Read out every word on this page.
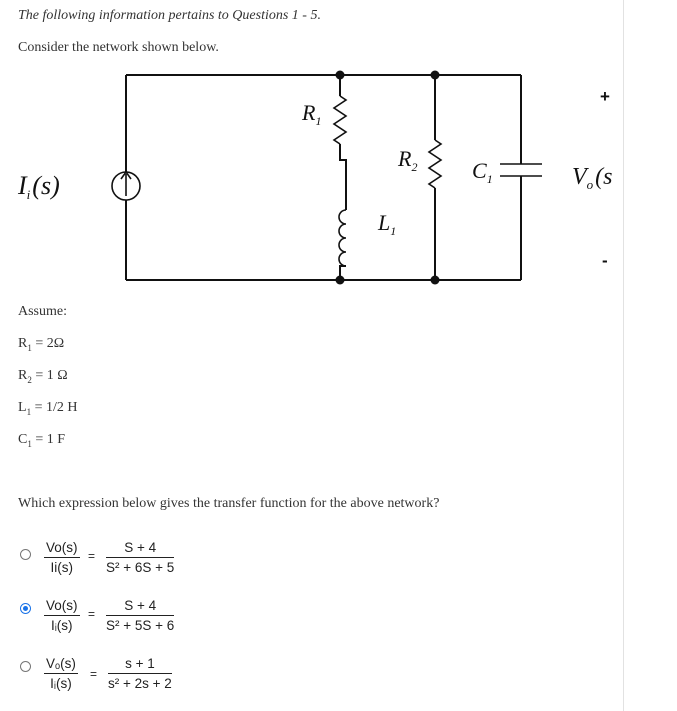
The following information pertains to Questions 1 - 5.
Consider the network shown below.
Ii(s)
$R_1$
$R_2$
$L_1$
$C_1$	$V_o(s$
+
-
Assume:
$R_1 = 2\Omega$
$R_2 = 1$ Ω
$L_1 = 1/2$ H
$C_1 = 1$ F
Which expression below gives the transfer function for the above network?
$\frac{Vo(s)}{Ii(s)} = \frac{S + 4}{\text{S² + 6S + 5}}$
$\frac{Vo(s)}{\text{Iᵢ(s)}} = \frac{S + 4}{\text{S² + 5S + 6}}$
$\frac{\text{Vₒ(s)}}{\text{Iᵢ(s)}} = \frac{s + 1}{\text{s² + 2s + 2}}$
